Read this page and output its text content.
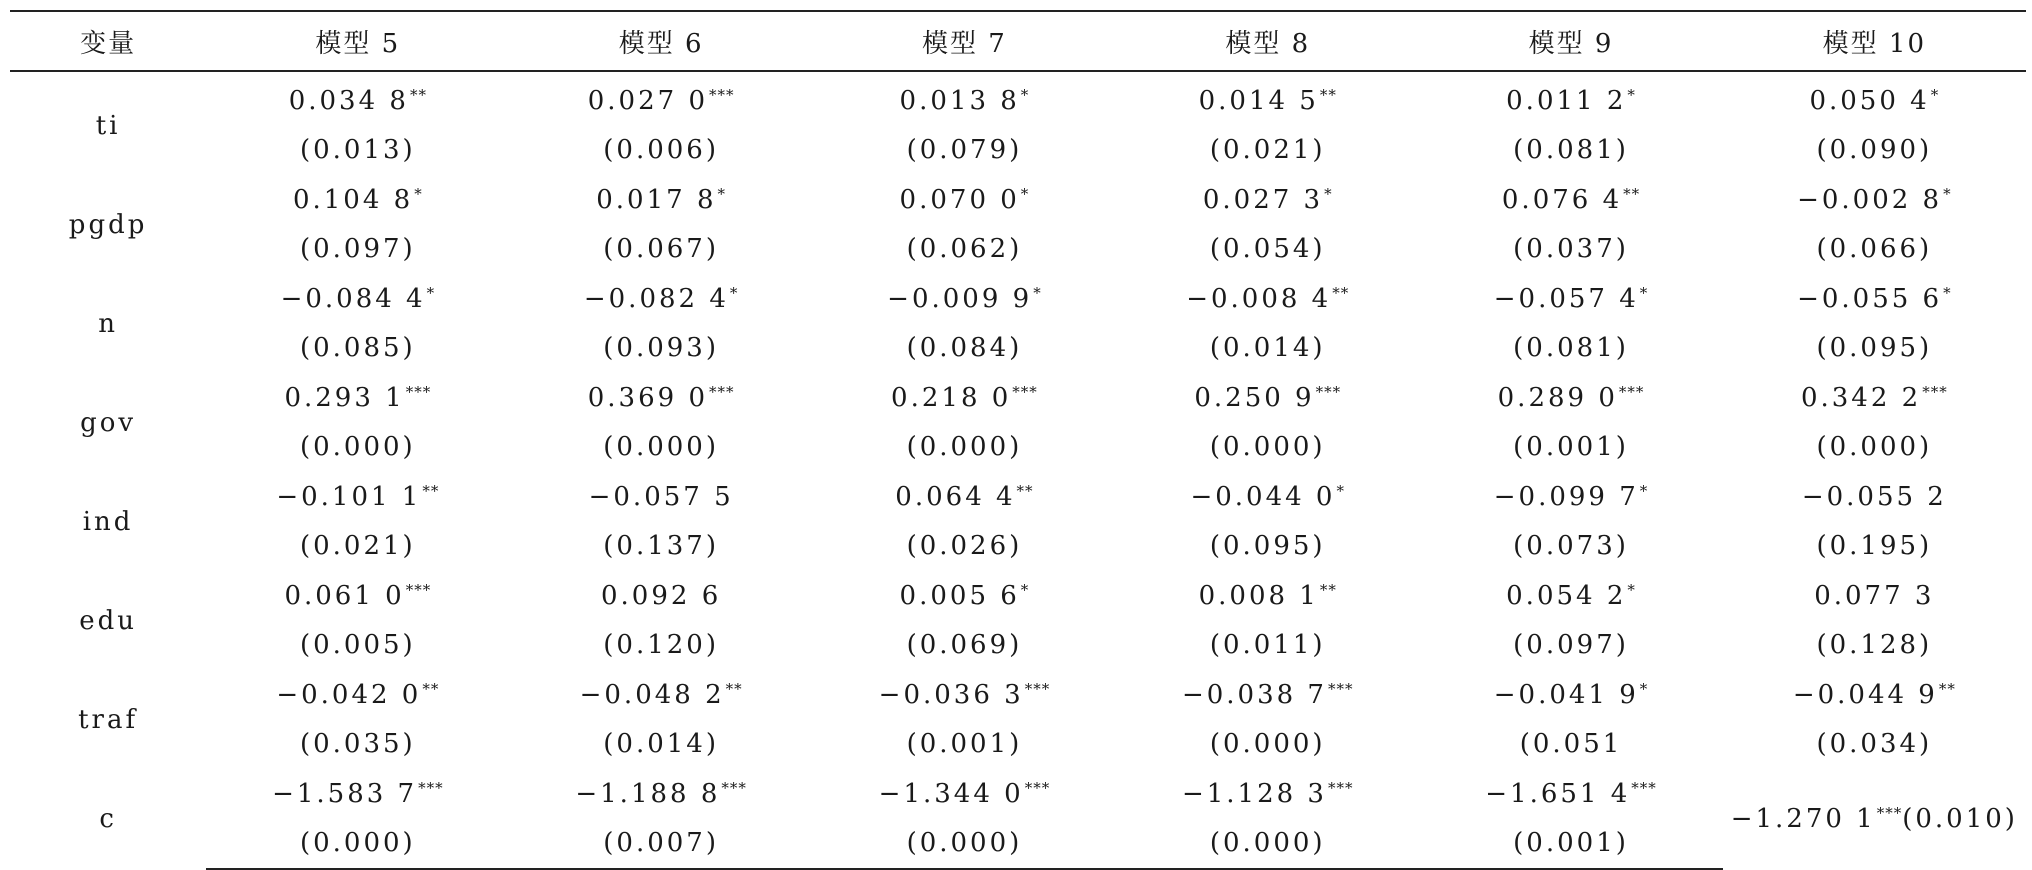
变量	模型 5	模型 6	模型 7	模型 8	模型 9	模型 10
ti	0.034 8**	0.027 0***	0.013 8*	0.014 5**	0.011 2*	0.050 4*
	(0.013)	(0.006)	(0.079)	(0.021)	(0.081)	(0.090)
pgdp	0.104 8*	0.017 8*	0.070 0*	0.027 3*	0.076 4**	−0.002 8*
	(0.097)	(0.067)	(0.062)	(0.054)	(0.037)	(0.066)
n	−0.084 4*	−0.082 4*	−0.009 9*	−0.008 4**	−0.057 4*	−0.055 6*
	(0.085)	(0.093)	(0.084)	(0.014)	(0.081)	(0.095)
gov	0.293 1***	0.369 0***	0.218 0***	0.250 9***	0.289 0***	0.342 2***
	(0.000)	(0.000)	(0.000)	(0.000)	(0.001)	(0.000)
ind	−0.101 1**	−0.057 5	0.064 4**	−0.044 0*	−0.099 7*	−0.055 2
	(0.021)	(0.137)	(0.026)	(0.095)	(0.073)	(0.195)
edu	0.061 0***	0.092 6	0.005 6*	0.008 1**	0.054 2*	0.077 3
	(0.005)	(0.120)	(0.069)	(0.011)	(0.097)	(0.128)
traf	−0.042 0**	−0.048 2**	−0.036 3***	−0.038 7***	−0.041 9*	−0.044 9**
	(0.035)	(0.014)	(0.001)	(0.000)	(0.051	(0.034)
c	−1.583 7***	−1.188 8***	−1.344 0***	−1.128 3***	−1.651 4***	−1.270 1***(0.010)
	(0.000)	(0.007)	(0.000)	(0.000)	(0.001)	
